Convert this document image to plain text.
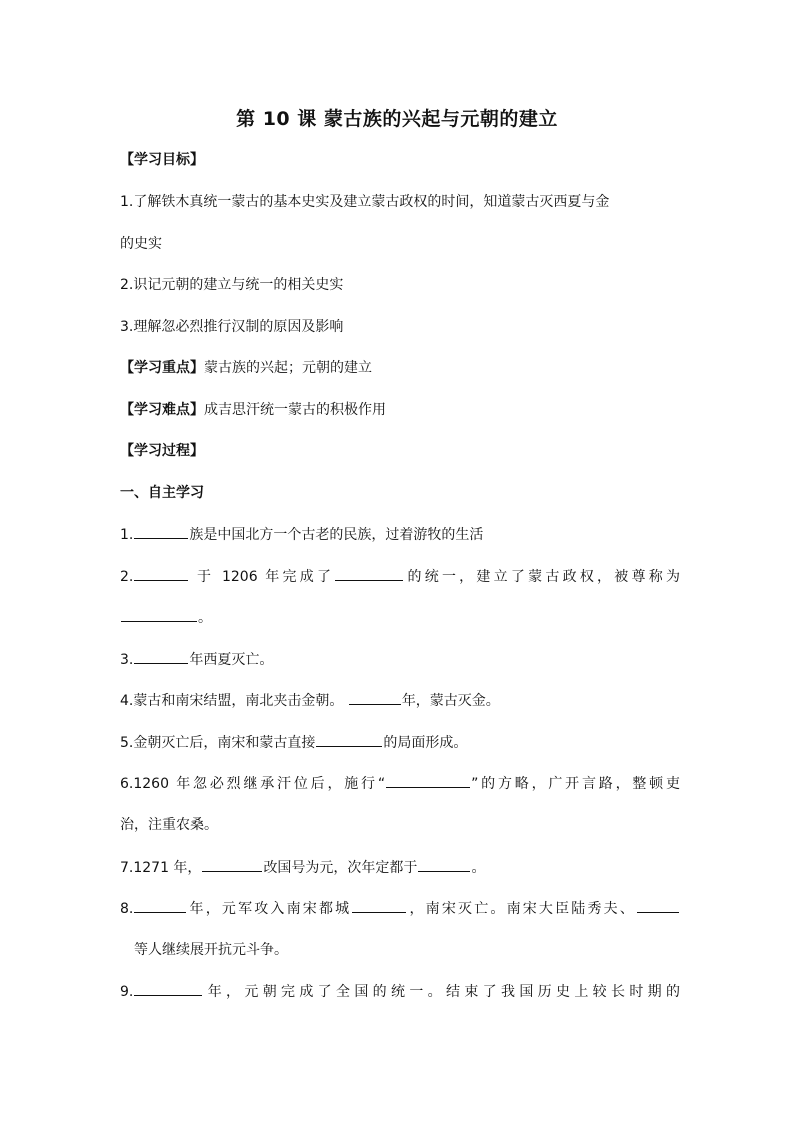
第 10 课 蒙古族的兴起与元朝的建立
【学习目标】
1.了解铁木真统一蒙古的基本史实及建立蒙古政权的时间，知道蒙古灭西夏与金
的史实
2.识记元朝的建立与统一的相关史实
3.理解忽必烈推行汉制的原因及影响
【学习重点】蒙古族的兴起；元朝的建立
【学习难点】成吉思汗统一蒙古的积极作用
【学习过程】
一、自主学习
1.	族是中国北方一个古老的民族，过着游牧的生活
2.	于 1206 年完成了	的统一，建立了蒙古政权，被尊称为
。
3.	年西夏灭亡。
4.蒙古和南宋结盟，南北夹击金朝。	年，蒙古灭金。
5.金朝灭亡后，南宋和蒙古直接	的局面形成。
6.1260 年忽必烈继承汗位后，施行“	”的方略，广开言路，整顿吏
治，注重农桑。
7.1271 年，	改国号为元，次年定都于	。
8.	年，元军攻入南宋都城	，南宋灭亡。南宋大臣陆秀夫、
等人继续展开抗元斗争。
9.	年，元朝完成了全国的统一。结束了我国历史上较长时期的
